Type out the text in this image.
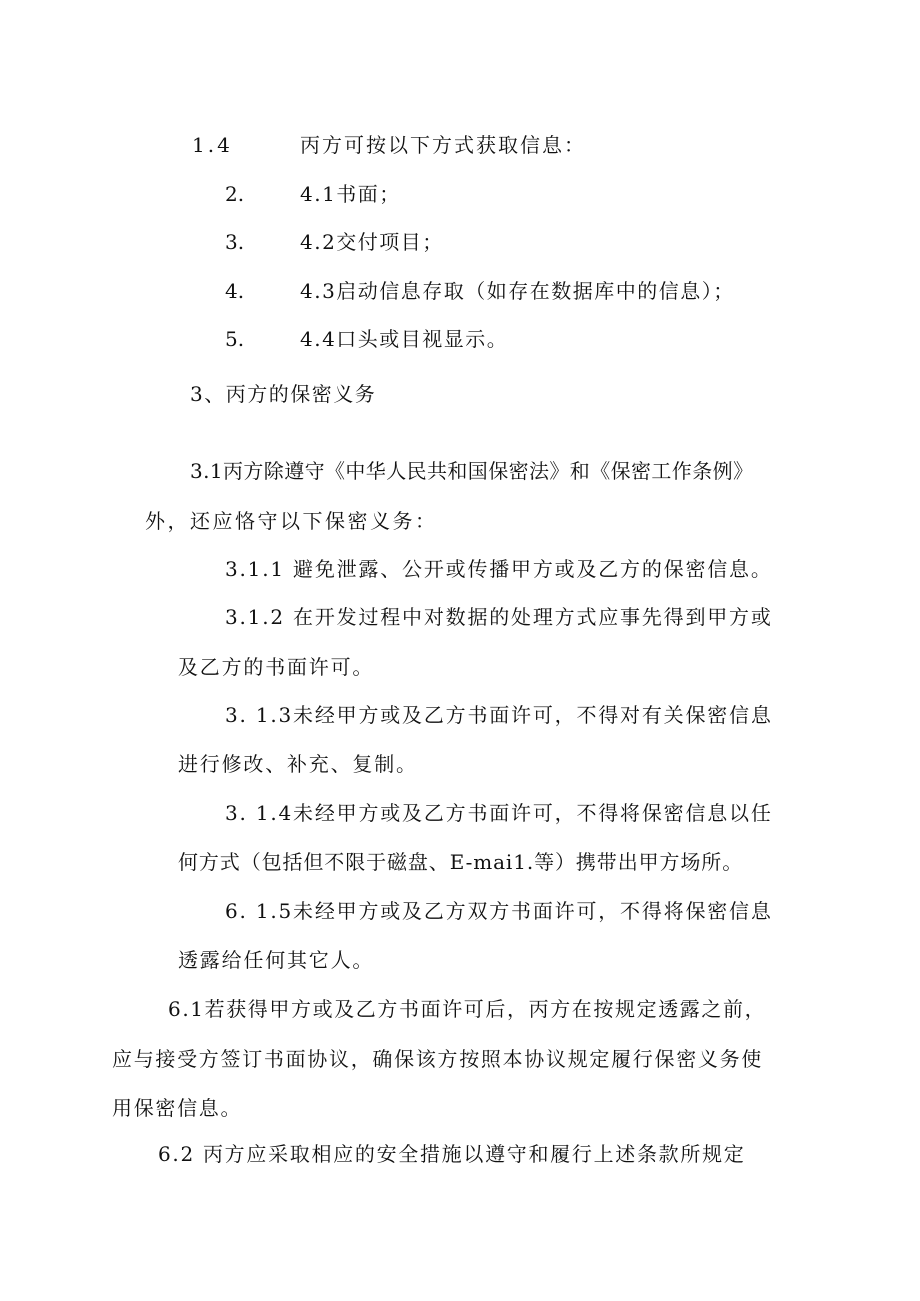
1.4	丙方可按以下方式获取信息：
2.	4.1书面；
3.	4.2交付项目；
4.	4.3启动信息存取（如存在数据库中的信息）；
5.	4.4口头或目视显示。
3、丙方的保密义务
3.1丙方除遵守《中华人民共和国保密法》和《保密工作条例》
外，还应恪守以下保密义务：
3.1.1 避免泄露、公开或传播甲方或及乙方的保密信息。
3.1.2 在开发过程中对数据的处理方式应事先得到甲方或
及乙方的书面许可。
3. 1.3未经甲方或及乙方书面许可，不得对有关保密信息
进行修改、补充、复制。
3. 1.4未经甲方或及乙方书面许可，不得将保密信息以任
何方式（包括但不限于磁盘、E-mai1.等）携带出甲方场所。
6. 1.5未经甲方或及乙方双方书面许可，不得将保密信息
透露给任何其它人。
6.1若获得甲方或及乙方书面许可后，丙方在按规定透露之前，
应与接受方签订书面协议，确保该方按照本协议规定履行保密义务使
用保密信息。
6.2 丙方应采取相应的安全措施以遵守和履行上述条款所规定
